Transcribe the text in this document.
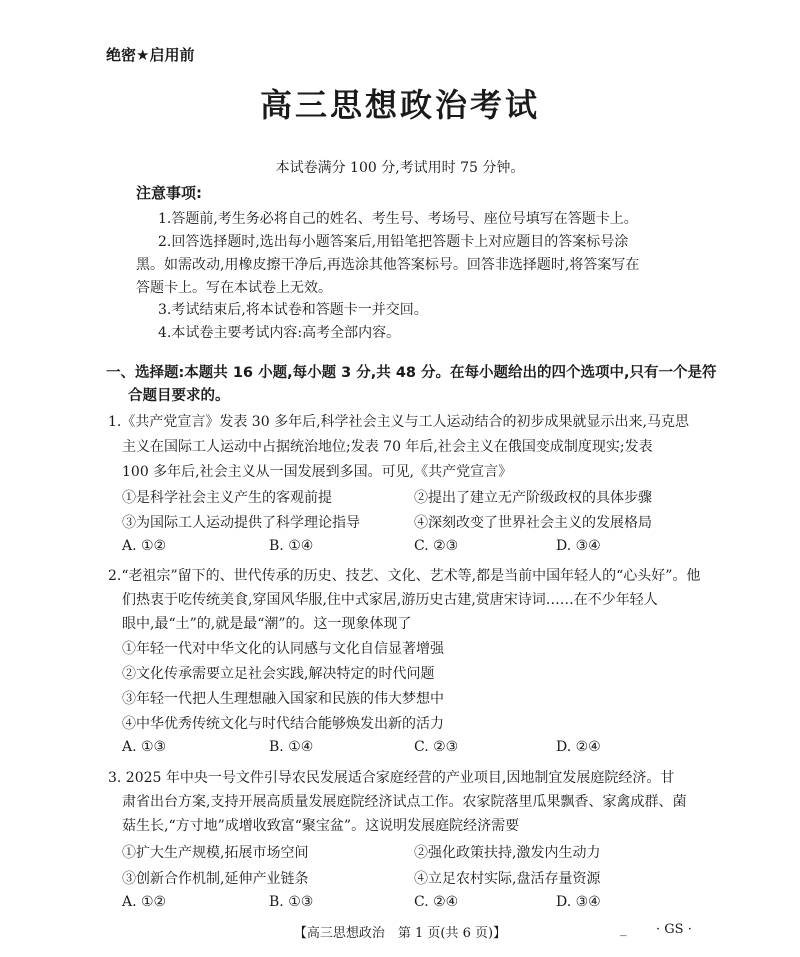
绝密★启用前
高三思想政治考试
本试卷满分 100 分,考试用时 75 分钟。
注意事项:
1.答题前,考生务必将自己的姓名、考生号、考场号、座位号填写在答题卡上。
2.回答选择题时,选出每小题答案后,用铅笔把答题卡上对应题目的答案标号涂
黑。如需改动,用橡皮擦干净后,再选涂其他答案标号。回答非选择题时,将答案写在
答题卡上。写在本试卷上无效。
3.考试结束后,将本试卷和答题卡一并交回。
4.本试卷主要考试内容:高考全部内容。
一、选择题:本题共 16 小题,每小题 3 分,共 48 分。在每小题给出的四个选项中,只有一个是符
合题目要求的。
1.《共产党宣言》发表 30 多年后,科学社会主义与工人运动结合的初步成果就显示出来,马克思
主义在国际工人运动中占据统治地位;发表 70 年后,社会主义在俄国变成制度现实;发表
100 多年后,社会主义从一国发展到多国。可见,《共产党宣言》
①是科学社会主义产生的客观前提	②提出了建立无产阶级政权的具体步骤
③为国际工人运动提供了科学理论指导	④深刻改变了世界社会主义的发展格局
A. ①②	B. ①④	C. ②③	D. ③④
2.“老祖宗”留下的、世代传承的历史、技艺、文化、艺术等,都是当前中国年轻人的“心头好”。他
们热衷于吃传统美食,穿国风华服,住中式家居,游历史古建,赏唐宋诗词……在不少年轻人
眼中,最“土”的,就是最“潮”的。这一现象体现了
①年轻一代对中华文化的认同感与文化自信显著增强
②文化传承需要立足社会实践,解决特定的时代问题
③年轻一代把人生理想融入国家和民族的伟大梦想中
④中华优秀传统文化与时代结合能够焕发出新的活力
A. ①③	B. ①④	C. ②③	D. ②④
3. 2025 年中央一号文件引导农民发展适合家庭经营的产业项目,因地制宜发展庭院经济。甘
肃省出台方案,支持开展高质量发展庭院经济试点工作。农家院落里瓜果飘香、家禽成群、菌
菇生长,“方寸地”成增收致富“聚宝盆”。这说明发展庭院经济需要
①扩大生产规模,拓展市场空间	②强化政策扶持,激发内生动力
③创新合作机制,延伸产业链条	④立足农村实际,盘活存量资源
A. ①②	B. ①③	C. ②④	D. ③④
【高三思想政治　第 1 页(共 6 页)】	_ · GS ·
